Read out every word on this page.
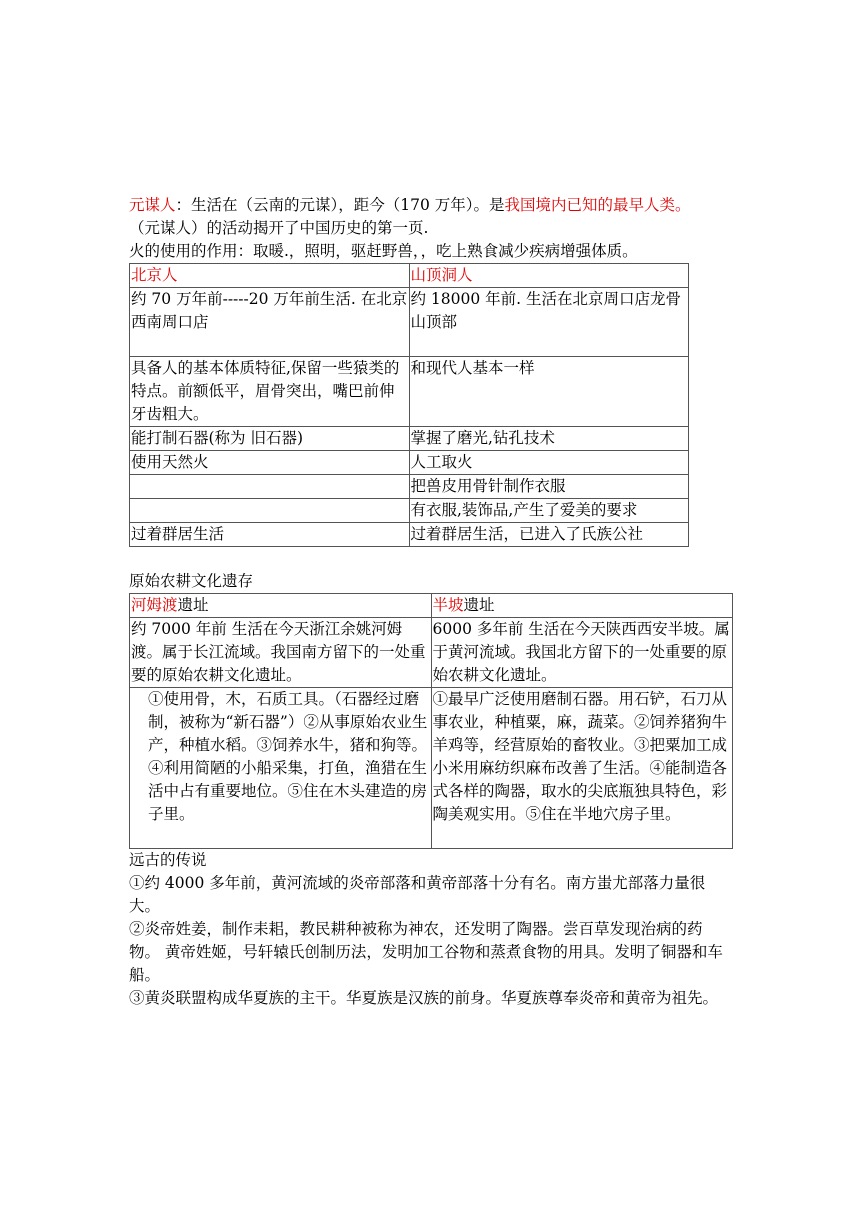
元谋人：生活在（云南的元谋），距今（170 万年）。是我国境内已知的最早人类。

（元谋人）的活动揭开了中国历史的第一页.

火的使用的作用：取暖.，照明，驱赶野兽，，吃上熟食减少疾病增强体质。

北京人	山顶洞人
约 70 万年前-----20 万年前生活. 在北京西南周口店	约 18000 年前. 生活在北京周口店龙骨山顶部
具备人的基本体质特征,保留一些猿类的特点。前额低平，眉骨突出，嘴巴前伸牙齿粗大。	和现代人基本一样
能打制石器(称为 旧石器)	掌握了磨光,钻孔技术
使用天然火	人工取火
	把兽皮用骨针制作衣服
	有衣服,装饰品,产生了爱美的要求
过着群居生活	过着群居生活，已进入了氏族公社

原始农耕文化遗存

河姆渡遗址	半坡遗址
约 7000 年前 生活在今天浙江余姚河姆渡。属于长江流域。我国南方留下的一处重要的原始农耕文化遗址。	6000 多年前 生活在今天陕西西安半坡。属于黄河流域。我国北方留下的一处重要的原始农耕文化遗址。
①使用骨，木，石质工具。（石器经过磨制，被称为“新石器”）②从事原始农业生产，种植水稻。③饲养水牛，猪和狗等。④利用简陋的小船采集，打鱼，渔猎在生活中占有重要地位。⑤住在木头建造的房子里。	①最早广泛使用磨制石器。用石铲，石刀从事农业，种植粟，麻，蔬菜。②饲养猪狗牛羊鸡等，经营原始的畜牧业。③把粟加工成小米用麻纺织麻布改善了生活。④能制造各式各样的陶器，取水的尖底瓶独具特色，彩陶美观实用。⑤住在半地穴房子里。

远古的传说

①约 4000 多年前，黄河流域的炎帝部落和黄帝部落十分有名。南方蚩尤部落力量很大。

②炎帝姓姜，制作耒耜，教民耕种被称为神农，还发明了陶器。尝百草发现治病的药物。 黄帝姓姬，号轩辕氏创制历法，发明加工谷物和蒸煮食物的用具。发明了铜器和车船。

③黄炎联盟构成华夏族的主干。华夏族是汉族的前身。华夏族尊奉炎帝和黄帝为祖先。
